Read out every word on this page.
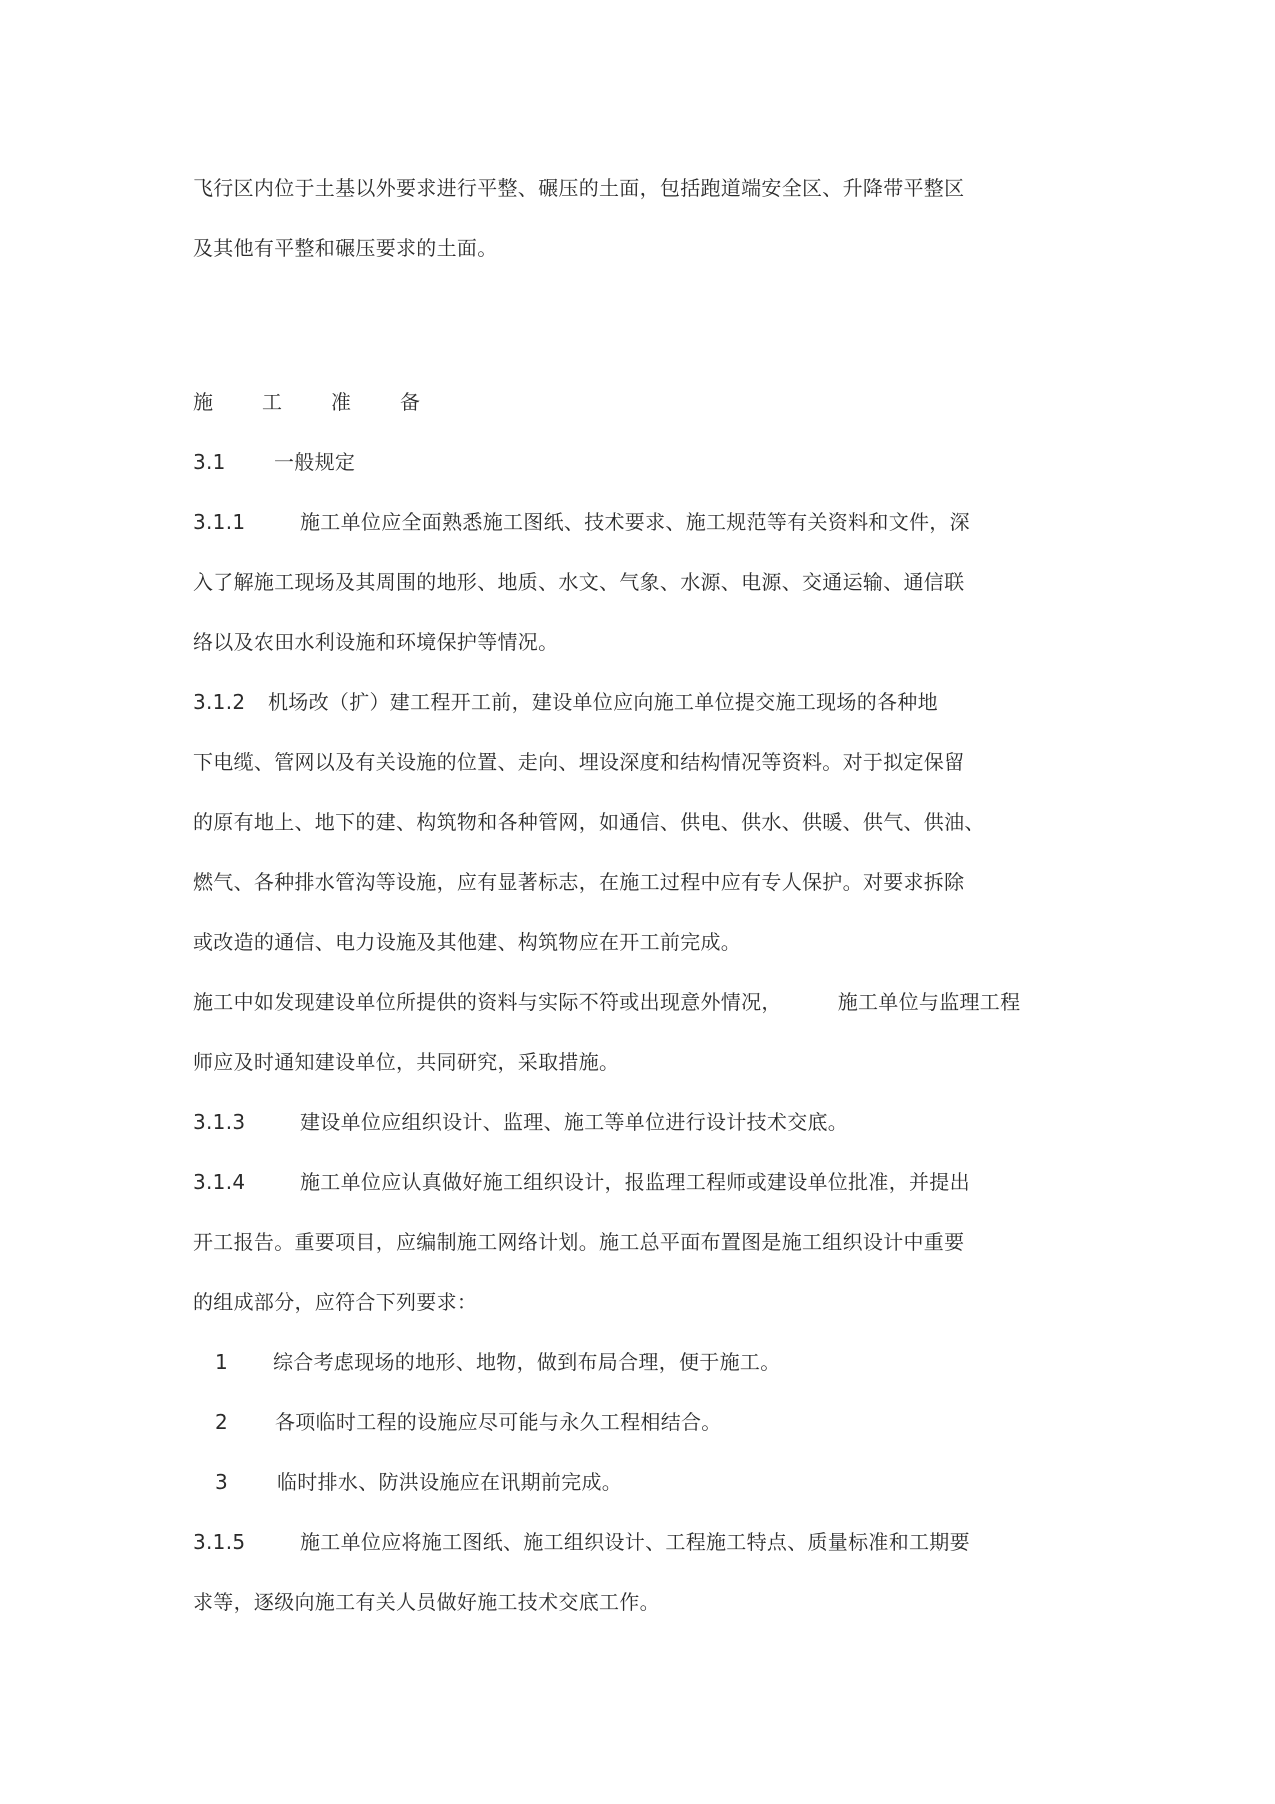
飞行区内位于土基以外要求进行平整、碾压的土面，包括跑道端安全区、升降带平整区
及其他有平整和碾压要求的土面。
施 工 准 备
3.1 一般规定
3.1.1	施工单位应全面熟悉施工图纸、技术要求、施工规范等有关资料和文件，深
入了解施工现场及其周围的地形、地质、水文、气象、水源、电源、交通运输、通信联
络以及农田水利设施和环境保护等情况。
3.1.2 机场改（扩）建工程开工前，建设单位应向施工单位提交施工现场的各种地
下电缆、管网以及有关设施的位置、走向、埋设深度和结构情况等资料。对于拟定保留
的原有地上、地下的建、构筑物和各种管网，如通信、供电、供水、供暖、供气、供油、
燃气、各种排水管沟等设施，应有显著标志，在施工过程中应有专人保护。对要求拆除
或改造的通信、电力设施及其他建、构筑物应在开工前完成。
施工中如发现建设单位所提供的资料与实际不符或出现意外情况，	施工单位与监理工程
师应及时通知建设单位，共同研究，采取措施。
3.1.3	建设单位应组织设计、监理、施工等单位进行设计技术交底。
3.1.4	施工单位应认真做好施工组织设计，报监理工程师或建设单位批准，并提出
开工报告。重要项目，应编制施工网络计划。施工总平面布置图是施工组织设计中重要
的组成部分，应符合下列要求：
1 综合考虑现场的地形、地物，做到布局合理，便于施工。
2 各项临时工程的设施应尽可能与永久工程相结合。
3 临时排水、防洪设施应在讯期前完成。
3.1.5	施工单位应将施工图纸、施工组织设计、工程施工特点、质量标准和工期要
求等，逐级向施工有关人员做好施工技术交底工作。
